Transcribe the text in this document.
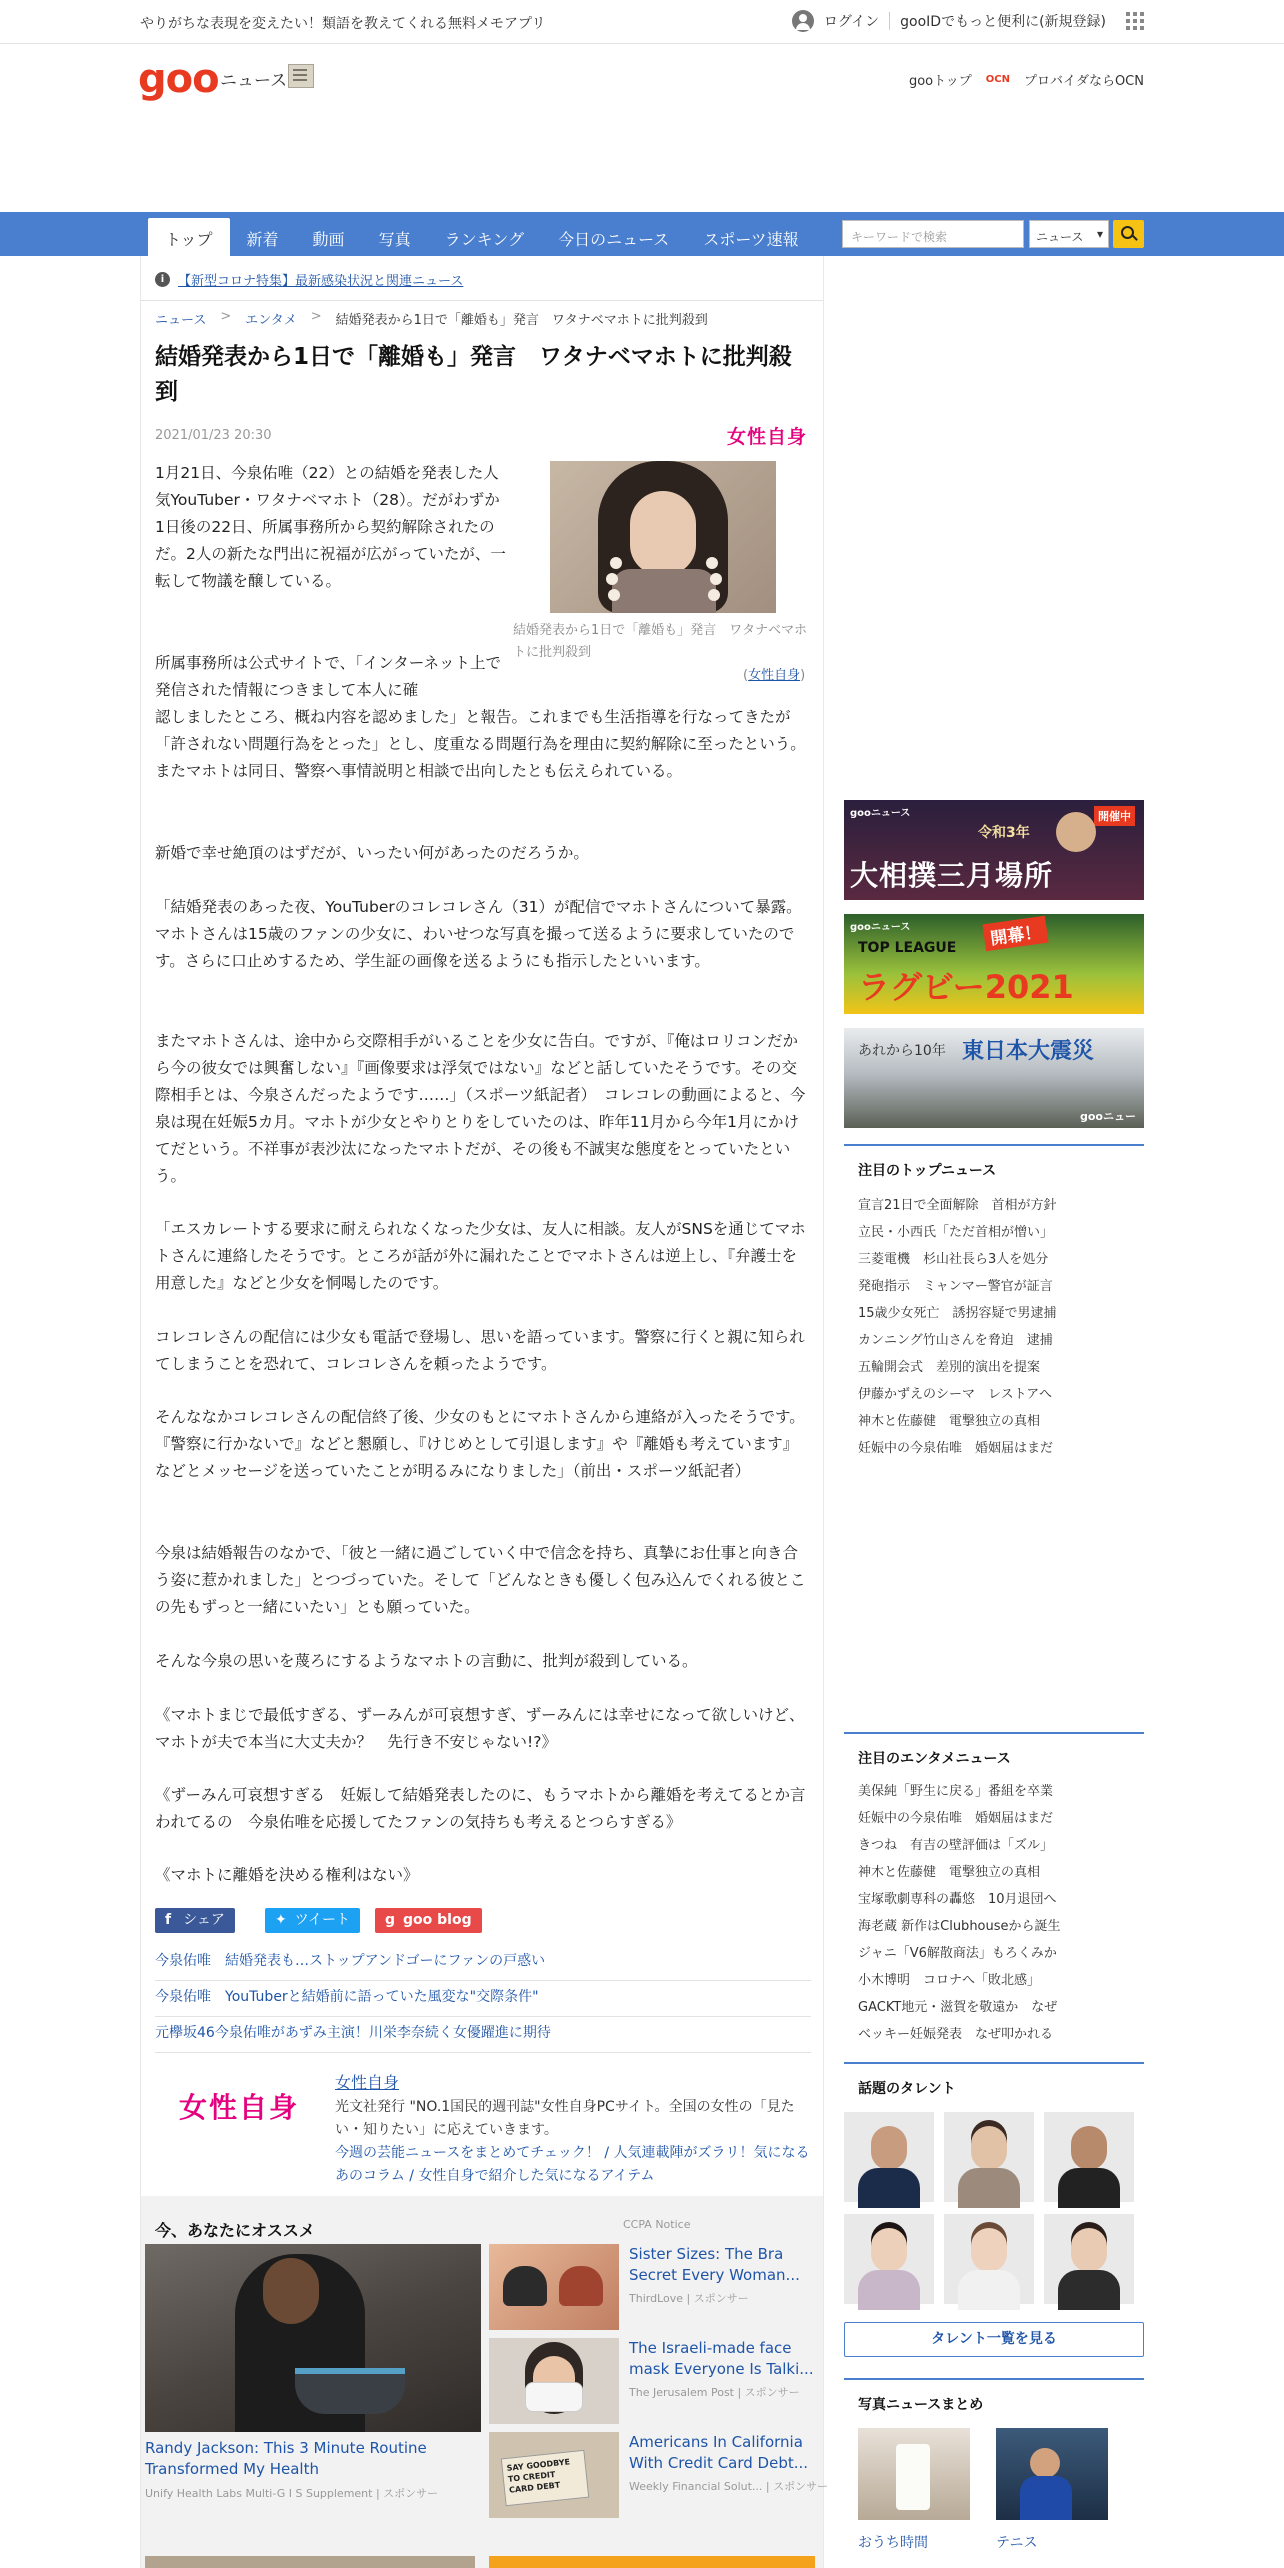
やりがちな表現を変えたい！類語を教えてくれる無料メモアプリ	ログイン gooIDでもっと便利に(新規登録)
goo ニュース	gooトップ OCN プロバイダならOCN
トップ	新着	動画	写真	ランキング	今日のニュース	スポーツ速報	キーワードで検索	ニュース ▾
i	【新型コロナ特集】最新感染状況と関連ニュース
ニュース > エンタメ > 結婚発表から1日で「離婚も」発言　ワタナベマホトに批判殺到
結婚発表から1日で「離婚も」発言　ワタナベマホトに批判殺到
2021/01/23 20:30	女性自身
結婚発表から1日で「離婚も」発言　ワタナベマホトに批判殺到
(女性自身)

1月21日、今泉佑唯（22）との結婚を発表した人気YouTuber・ワタナベマホト（28）。だがわずか1日後の22日、所属事務所から契約解除されたのだ。2人の新たな門出に祝福が広がっていたが、一転して物議を醸している。

所属事務所は公式サイトで、「インターネット上で発信された情報につきまして本人に確

認しましたところ、概ね内容を認めました」と報告。これまでも生活指導を行なってきたが「許されない問題行為をとった」とし、度重なる問題行為を理由に契約解除に至ったという。またマホトは同日、警察へ事情説明と相談で出向したとも伝えられている。

新婚で幸せ絶頂のはずだが、いったい何があったのだろうか。

「結婚発表のあった夜、YouTuberのコレコレさん（31）が配信でマホトさんについて暴露。マホトさんは15歳のファンの少女に、わいせつな写真を撮って送るように要求していたのです。さらに口止めするため、学生証の画像を送るようにも指示したといいます。

またマホトさんは、途中から交際相手がいることを少女に告白。ですが、『俺はロリコンだから今の彼女では興奮しない』『画像要求は浮気ではない』などと話していたそうです。その交際相手とは、今泉さんだったようです……」（スポーツ紙記者）　コレコレの動画によると、今泉は現在妊娠5カ月。マホトが少女とやりとりをしていたのは、昨年11月から今年1月にかけてだという。不祥事が表沙汰になったマホトだが、その後も不誠実な態度をとっていたという。

「エスカレートする要求に耐えられなくなった少女は、友人に相談。友人がSNSを通じてマホトさんに連絡したそうです。ところが話が外に漏れたことでマホトさんは逆上し、『弁護士を用意した』などと少女を恫喝したのです。

コレコレさんの配信には少女も電話で登場し、思いを語っています。警察に行くと親に知られてしまうことを恐れて、コレコレさんを頼ったようです。

そんななかコレコレさんの配信終了後、少女のもとにマホトさんから連絡が入ったそうです。『警察に行かないで』などと懇願し、『けじめとして引退します』や『離婚も考えています』などとメッセージを送っていたことが明るみになりました」（前出・スポーツ紙記者）

今泉は結婚報告のなかで、「彼と一緒に過ごしていく中で信念を持ち、真摯にお仕事と向き合う姿に惹かれました」とつづっていた。そして「どんなときも優しく包み込んでくれる彼とこの先もずっと一緒にいたい」とも願っていた。

そんな今泉の思いを蔑ろにするようなマホトの言動に、批判が殺到している。

《マホトまじで最低すぎる、ずーみんが可哀想すぎ、ずーみんには幸せになって欲しいけど、マホトが夫で本当に大丈夫か？　先行き不安じゃない!?》

《ずーみん可哀想すぎる　妊娠して結婚発表したのに、もうマホトから離婚を考えてるとか言われてるの　今泉佑唯を応援してたファンの気持ちも考えるとつらすぎる》

《マホトに離婚を決める権利はない》

f シェア	✦ ツイート	g goo blog
今泉佑唯　結婚発表も…ストップアンドゴーにファンの戸惑い
今泉佑唯　YouTuberと結婚前に語っていた風変な"交際条件"
元欅坂46今泉佑唯があずみ主演！川栄李奈続く女優躍進に期待
女性自身
女性自身
光文社発行 "NO.1国民的週刊誌"女性自身PCサイト。全国の女性の「見たい・知りたい」に応えていきます。
今週の芸能ニュースをまとめてチェック！ / 人気連載陣がズラリ！気になるあのコラム / 女性自身で紹介した気になるアイテム
今、あなたにオススメ	CCPA Notice
Randy Jackson: This 3 Minute Routine Transformed My Health
Unify Health Labs Multi-G I S Supplement | スポンサー
Sister Sizes: The Bra Secret Every Woman...
ThirdLove | スポンサー
The Israeli-made face mask Everyone Is Talki...
The Jerusalem Post | スポンサー
SAY GOODBYE TO CREDIT CARD DEBT
Americans In California With Credit Card Debt...
Weekly Financial Solut... | スポンサー
gooニュース	開催中
令和3年
大相撲三月場所
gooニュース	開幕！
TOP LEAGUE
ラグビー2021
あれから10年 東日本大震災
gooニュース
注目のトップニュース
宣言21日で全面解除　首相が方針
立民・小西氏「ただ首相が憎い」
三菱電機　杉山社長ら3人を処分
発砲指示　ミャンマー警官が証言
15歳少女死亡　誘拐容疑で男逮捕
カンニング竹山さんを脅迫　逮捕
五輪開会式　差別的演出を提案
伊藤かずえのシーマ　レストアへ
神木と佐藤健　電撃独立の真相
妊娠中の今泉佑唯　婚姻届はまだ
注目のエンタメニュース
美保純「野生に戻る」番組を卒業
妊娠中の今泉佑唯　婚姻届はまだ
きつね　有吉の壁評価は「ズル」
神木と佐藤健　電撃独立の真相
宝塚歌劇専科の轟悠　10月退団へ
海老蔵 新作はClubhouseから誕生
ジャニ「V6解散商法」もろくみか
小木博明　コロナへ「敗北感」
GACKT地元・滋賀を敬遠か　なぜ
ベッキー妊娠発表　なぜ叩かれる
話題のタレント
タレント一覧を見る
写真ニュースまとめ
おうち時間	テニス
